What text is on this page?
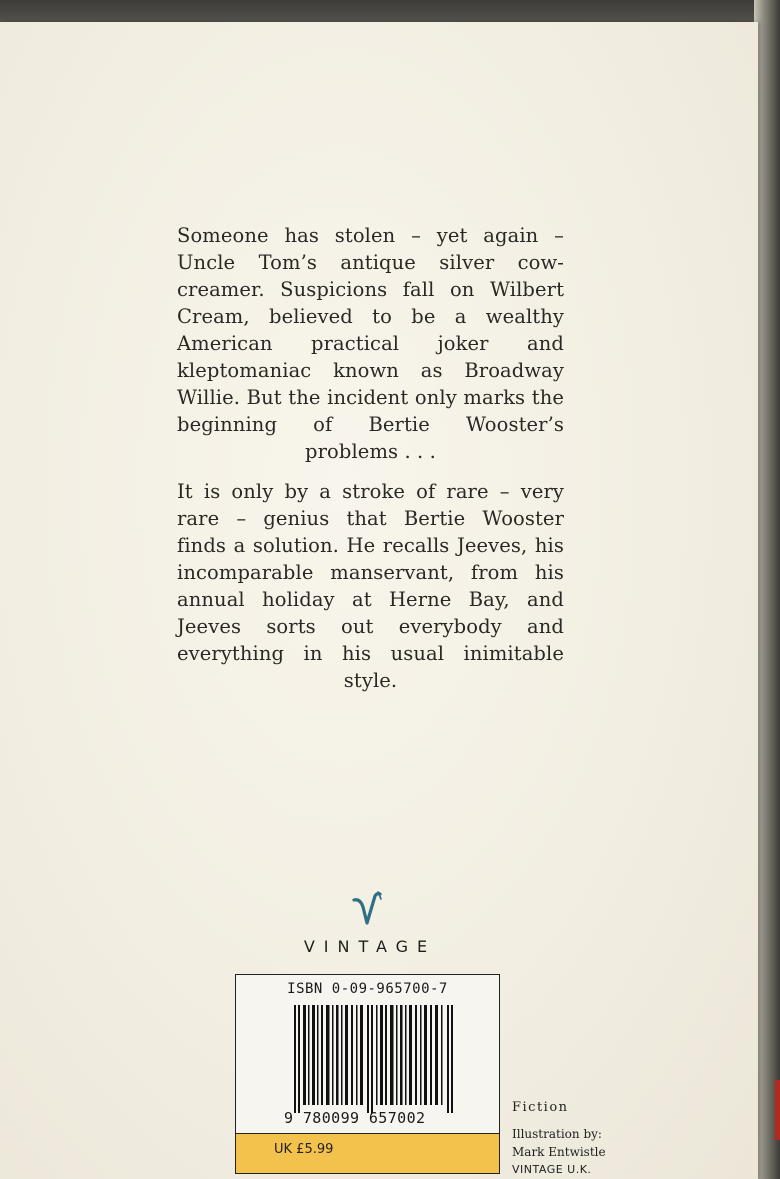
Someone has stolen – yet again – Uncle Tom’s antique silver cow-creamer. Suspicions fall on Wilbert Cream, believed to be a wealthy American practical joker and kleptomaniac known as Broadway Willie. But the incident only marks the beginning of Bertie Wooster’s problems . . .

It is only by a stroke of rare – very rare – genius that Bertie Wooster finds a solution. He recalls Jeeves, his incomparable manservant, from his annual holiday at Herne Bay, and Jeeves sorts out everybody and everything in his usual inimitable style.

VINTAGE
ISBN 0-09-965700-7
9 780099 657002
UK £5.99
Fiction
Illustration by:
Mark Entwistle
VINTAGE U.K.
